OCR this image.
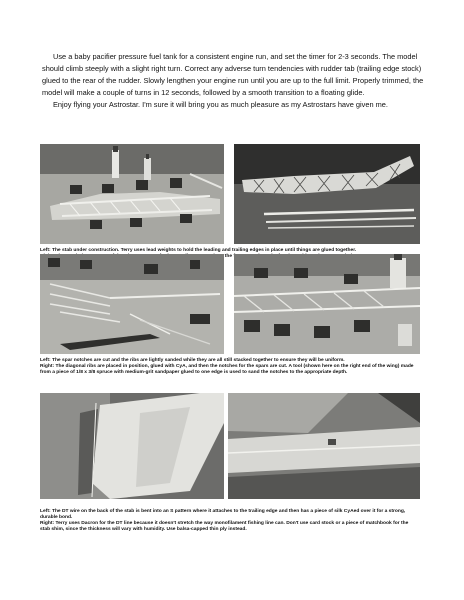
Use a baby pacifier pressure fuel tank for a consistent engine run, and set the timer for 2-3 seconds. The model should climb steeply with a slight right turn. Correct any adverse turn tendencies with rudder tab (trailing edge stock) glued to the rear of the rudder. Slowly lengthen your engine run until you are up to the full limit. Properly trimmed, the model will make a couple of turns in 12 seconds, followed by a smooth transition to a floating glide.

Enjoy flying your Astrostar. I'm sure it will bring you as much pleasure as my Astrostars have given me.

Left: The stab under construction. Terry uses lead weights to hold the leading and trailing edges in place until things are glued together.

the

Left: The spar notches are cut and the ribs are lightly sanded while they are all still stacked together to ensure they will be uniform.

Right: The diagonal ribs are placed in position, glued with CyA, and then the notches for the spars are cut. A tool (shown here on the right end of the wing) made from a piece of 1/8 x 3/8 spruce with medium-grit sandpaper glued to one edge is used to sand the notches to the appropriate depth.

Left: The DT wire on the back of the stab is bent into an S pattern where it attaches to the trailing edge and then has a piece of silk CyAed over it for a strong, durable bond.

Right: Terry uses Dacron for the DT line because it doesn't stretch the way monofilament fishing line can. Don't use card stock or a piece of matchbook for the stab shim, since the thickness will vary with humidity. Use balsa-capped thin ply instead.
